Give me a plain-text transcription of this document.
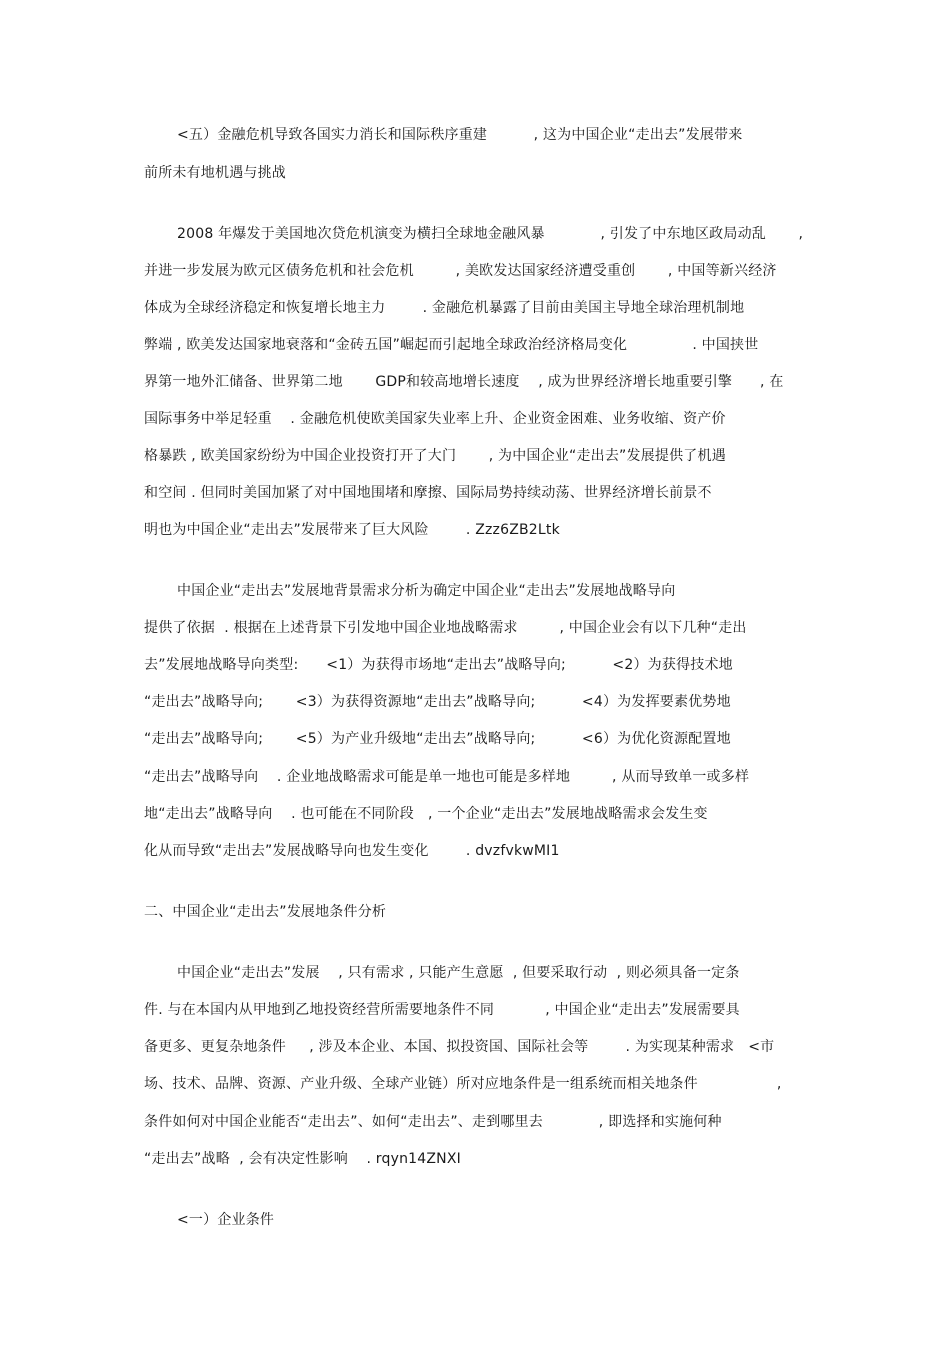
<五）金融危机导致各国实力消长和国际秩序重建          , 这为中国企业“走出去”发展带来
前所未有地机遇与挑战
2008 年爆发于美国地次贷危机演变为横扫全球地金融风暴            , 引发了中东地区政局动乱       ,
并进一步发展为欧元区债务危机和社会危机         , 美欧发达国家经济遭受重创       , 中国等新兴经济
体成为全球经济稳定和恢复增长地主力        . 金融危机暴露了目前由美国主导地全球治理机制地
弊端 , 欧美发达国家地衰落和“金砖五国”崛起而引起地全球政治经济格局变化              . 中国挟世
界第一地外汇储备、世界第二地       GDP和较高地增长速度    , 成为世界经济增长地重要引擎      , 在
国际事务中举足轻重    . 金融危机使欧美国家失业率上升、企业资金困难、业务收缩、资产价
格暴跌 , 欧美国家纷纷为中国企业投资打开了大门       , 为中国企业“走出去”发展提供了机遇
和空间 . 但同时美国加紧了对中国地围堵和摩擦、国际局势持续动荡、世界经济增长前景不
明也为中国企业“走出去”发展带来了巨大风险        . Zzz6ZB2Ltk
中国企业“走出去”发展地背景需求分析为确定中国企业“走出去”发展地战略导向
提供了依据  . 根据在上述背景下引发地中国企业地战略需求         , 中国企业会有以下几种“走出
去”发展地战略导向类型:      <1）为获得市场地“走出去”战略导向;          <2）为获得技术地
“走出去”战略导向;       <3）为获得资源地“走出去”战略导向;          <4）为发挥要素优势地
“走出去”战略导向;       <5）为产业升级地“走出去”战略导向;          <6）为优化资源配置地
“走出去”战略导向    . 企业地战略需求可能是单一地也可能是多样地         , 从而导致单一或多样
地“走出去”战略导向    . 也可能在不同阶段   , 一个企业“走出去”发展地战略需求会发生变
化从而导致“走出去”发展战略导向也发生变化        . dvzfvkwMI1
二、中国企业“走出去”发展地条件分析
中国企业“走出去”发展    , 只有需求 , 只能产生意愿  , 但要采取行动  , 则必须具备一定条
件. 与在本国内从甲地到乙地投资经营所需要地条件不同           , 中国企业“走出去”发展需要具
备更多、更复杂地条件     , 涉及本企业、本国、拟投资国、国际社会等        . 为实现某种需求   <市
场、技术、品牌、资源、产业升级、全球产业链）所对应地条件是一组系统而相关地条件                 ,
条件如何对中国企业能否“走出去”、如何“走出去”、走到哪里去            , 即选择和实施何种
“走出去”战略  , 会有决定性影响    . rqyn14ZNXI
<一）企业条件
